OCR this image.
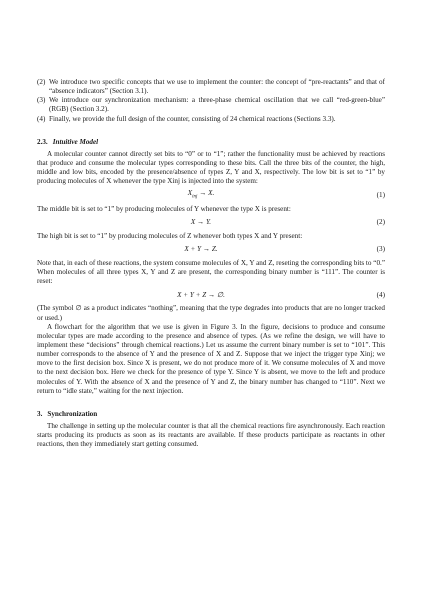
(2) We introduce two specific concepts that we use to implement the counter: the concept of “pre-reactants” and that of “absence indicators” (Section 3.1).
(3) We introduce our synchronization mechanism: a three-phase chemical oscillation that we call “red-green-blue” (RGB) (Section 3.2).
(4) Finally, we provide the full design of the counter, consisting of 24 chemical reactions (Sections 3.3).
2.3. Intuitive Model

A molecular counter cannot directly set bits to “0” or to “1”; rather the functionality must be achieved by reactions that produce and consume the molecular types corresponding to these bits. Call the three bits of the counter, the high, middle and low bits, encoded by the presence/absence of types Z, Y and X, respectively. The low bit is set to “1” by producing molecules of X whenever the type Xinj is injected into the system:

$X_{inj} \to X$.	(1)

The middle bit is set to “1” by producing molecules of Y whenever the type X is present:

X → Y.	(2)

The high bit is set to “1” by producing molecules of Z whenever both types X and Y present:

X + Y → Z.	(3)

Note that, in each of these reactions, the system consume molecules of X, Y and Z, reseting the corresponding bits to “0.” When molecules of all three types X, Y and Z are present, the corresponding binary number is “111”. The counter is reset:

X + Y + Z → ∅.	(4)

(The symbol ∅ as a product indicates “nothing”, meaning that the type degrades into products that are no longer tracked or used.)

A flowchart for the algorithm that we use is given in Figure 3. In the figure, decisions to produce and consume molecular types are made according to the presence and absence of types. (As we refine the design, we will have to implement these “decisions” through chemical reactions.) Let us assume the current binary number is set to “101”. This number corresponds to the absence of Y and the presence of X and Z. Suppose that we inject the trigger type Xinj; we move to the first decision box. Since X is present, we do not produce more of it. We consume molecules of X and move to the next decision box. Here we check for the presence of type Y. Since Y is absent, we move to the left and produce molecules of Y. With the absence of X and the presence of Y and Z, the binary number has changed to “110”. Next we return to “idle state,” waiting for the next injection.

3. Synchronization

The challenge in setting up the molecular counter is that all the chemical reactions fire asynchronously. Each reaction starts producing its products as soon as its reactants are available. If these products participate as reactants in other reactions, then they immediately start getting consumed.
